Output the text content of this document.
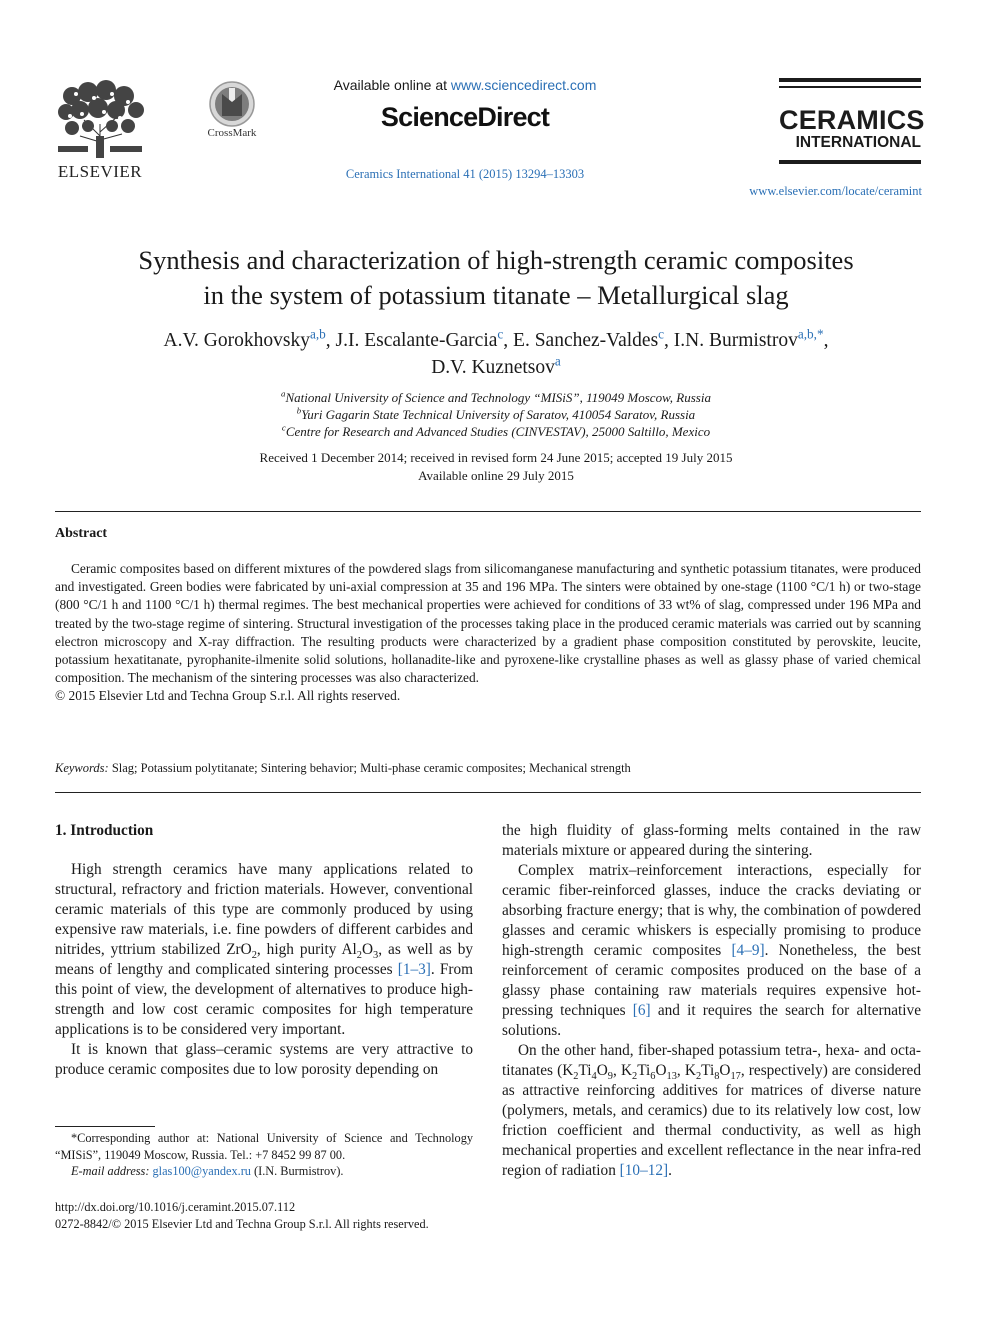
ELSEVIER
CrossMark
Available online at www.sciencedirect.com
ScienceDirect
Ceramics International 41 (2015) 13294–13303
CERAMICS
INTERNATIONAL
www.elsevier.com/locate/ceramint
Synthesis and characterization of high-strength ceramic composites
in the system of potassium titanate – Metallurgical slag
A.V. Gorokhovsky$^{a,b}$, J.I. Escalante-Garcia$^c$, E. Sanchez-Valdes$^c$, I.N. Burmistrov$^{a,b,*}$,
D.V. Kuznetsov$^a$
$^a$National University of Science and Technology “MISiS”, 119049 Moscow, Russia
$^b$Yuri Gagarin State Technical University of Saratov, 410054 Saratov, Russia
$^c$Centre for Research and Advanced Studies (CINVESTAV), 25000 Saltillo, Mexico
Received 1 December 2014; received in revised form 24 June 2015; accepted 19 July 2015
Available online 29 July 2015
Abstract
Ceramic composites based on different mixtures of the powdered slags from silicomanganese manufacturing and synthetic potassium titanates, were produced and investigated. Green bodies were fabricated by uni-axial compression at 35 and 196 MPa. The sinters were obtained by one-stage (1100 °C/1 h) or two-stage (800 °C/1 h and 1100 °C/1 h) thermal regimes. The best mechanical properties were achieved for conditions of 33 wt% of slag, compressed under 196 MPa and treated by the two-stage regime of sintering. Structural investigation of the processes taking place in the produced ceramic materials was carried out by scanning electron microscopy and X-ray diffraction. The resulting products were characterized by a gradient phase composition constituted by perovskite, leucite, potassium hexatitanate, pyrophanite-ilmenite solid solutions, hollanadite-like and pyroxene-like crystalline phases as well as glassy phase of varied chemical composition. The mechanism of the sintering processes was also characterized.
© 2015 Elsevier Ltd and Techna Group S.r.l. All rights reserved.
Keywords: Slag; Potassium polytitanate; Sintering behavior; Multi-phase ceramic composites; Mechanical strength

1. Introduction

High strength ceramics have many applications related to structural, refractory and friction materials. However, conventional ceramic materials of this type are commonly produced by using expensive raw materials, i.e. fine powders of different carbides and nitrides, yttrium stabilized ZrO$_2$, high purity $Al_2O_3$, as well as by means of lengthy and complicated sintering processes [1–3]. From this point of view, the development of alternatives to produce high-strength and low cost ceramic composites for high temperature applications is to be considered very important.

It is known that glass–ceramic systems are very attractive to produce ceramic composites due to low porosity depending on

*Corresponding author at: National University of Science and Technology “MISiS”, 119049 Moscow, Russia. Tel.: +7 8452 99 87 00.
E-mail address: glas100@yandex.ru (I.N. Burmistrov).
http://dx.doi.org/10.1016/j.ceramint.2015.07.112
0272-8842/© 2015 Elsevier Ltd and Techna Group S.r.l. All rights reserved.

the high fluidity of glass-forming melts contained in the raw materials mixture or appeared during the sintering.

Complex matrix–reinforcement interactions, especially for ceramic fiber-reinforced glasses, induce the cracks deviating or absorbing fracture energy; that is why, the combination of powdered glasses and ceramic whiskers is especially promising to produce high-strength ceramic composites [4–9]. Nonetheless, the best reinforcement of ceramic composites produced on the base of a glassy phase containing raw materials requires expensive hot-pressing techniques [6] and it requires the search for alternative solutions.

On the other hand, fiber-shaped potassium tetra-, hexa- and octa-titanates ($K_2Ti_4O_9$, $K_2Ti_6O_{13}$, $K_2Ti_8O_{17}$, respectively) are considered as attractive reinforcing additives for matrices of diverse nature (polymers, metals, and ceramics) due to its relatively low cost, low friction coefficient and thermal conductivity, as well as high mechanical properties and excellent reflectance in the near infra-red region of radiation [10–12].
